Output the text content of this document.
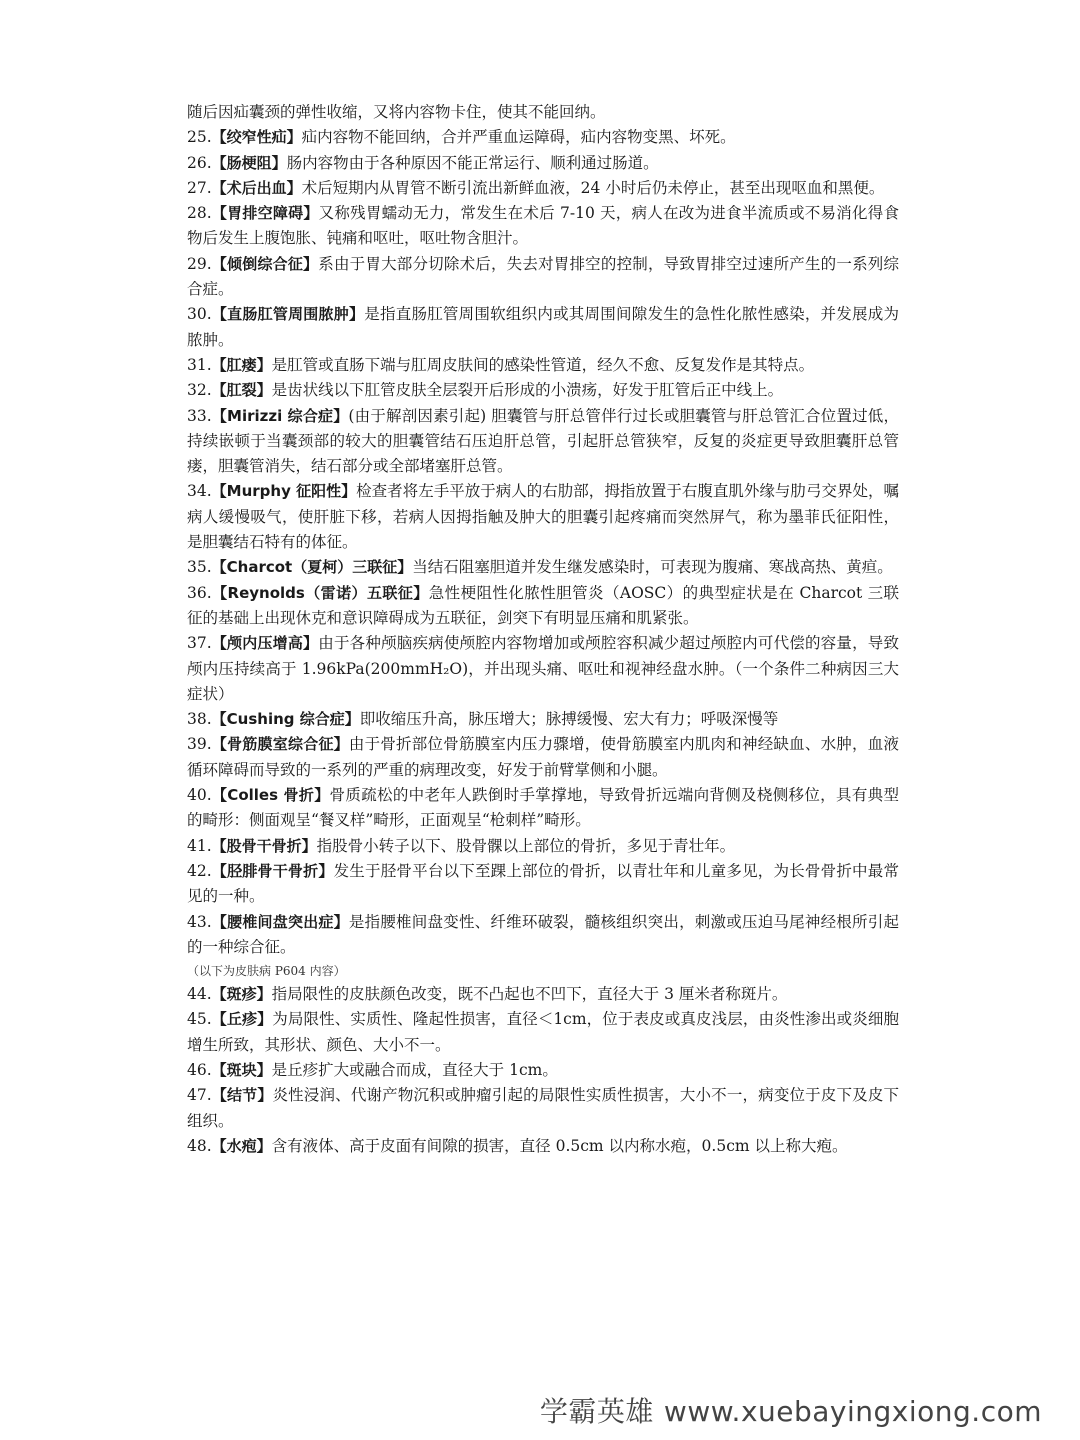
随后因疝囊颈的弹性收缩，又将内容物卡住，使其不能回纳。

25.【绞窄性疝】疝内容物不能回纳，合并严重血运障碍，疝内容物变黑、坏死。

26.【肠梗阻】肠内容物由于各种原因不能正常运行、顺利通过肠道。

27.【术后出血】术后短期内从胃管不断引流出新鲜血液，24 小时后仍未停止，甚至出现呕血和黑便。

28.【胃排空障碍】又称残胃蠕动无力，常发生在术后 7-10 天，病人在改为进食半流质或不易消化得食物后发生上腹饱胀、钝痛和呕吐，呕吐物含胆汁。

29.【倾倒综合征】系由于胃大部分切除术后，失去对胃排空的控制，导致胃排空过速所产生的一系列综合症。

30.【直肠肛管周围脓肿】是指直肠肛管周围软组织内或其周围间隙发生的急性化脓性感染，并发展成为脓肿。

31.【肛瘘】是肛管或直肠下端与肛周皮肤间的感染性管道，经久不愈、反复发作是其特点。

32.【肛裂】是齿状线以下肛管皮肤全层裂开后形成的小溃疡，好发于肛管后正中线上。

33.【Mirizzi 综合症】(由于解剖因素引起) 胆囊管与肝总管伴行过长或胆囊管与肝总管汇合位置过低，持续嵌顿于当囊颈部的较大的胆囊管结石压迫肝总管，引起肝总管狭窄，反复的炎症更导致胆囊肝总管瘘，胆囊管消失，结石部分或全部堵塞肝总管。

34.【Murphy 征阳性】检查者将左手平放于病人的右肋部，拇指放置于右腹直肌外缘与肋弓交界处，嘱病人缓慢吸气，使肝脏下移，若病人因拇指触及肿大的胆囊引起疼痛而突然屏气，称为墨菲氏征阳性，是胆囊结石特有的体征。

35.【Charcot（夏柯）三联征】当结石阻塞胆道并发生继发感染时，可表现为腹痛、寒战高热、黄疸。

36.【Reynolds（雷诺）五联征】急性梗阻性化脓性胆管炎（AOSC）的典型症状是在 Charcot 三联征的基础上出现休克和意识障碍成为五联征，剑突下有明显压痛和肌紧张。

37.【颅内压增高】由于各种颅脑疾病使颅腔内容物增加或颅腔容积减少超过颅腔内可代偿的容量，导致颅内压持续高于 1.96kPa(200mmH₂O)，并出现头痛、呕吐和视神经盘水肿。（一个条件二种病因三大症状）

38.【Cushing 综合症】即收缩压升高，脉压增大；脉搏缓慢、宏大有力；呼吸深慢等

39.【骨筋膜室综合征】由于骨折部位骨筋膜室内压力骤增，使骨筋膜室内肌肉和神经缺血、水肿，血液循环障碍而导致的一系列的严重的病理改变，好发于前臂掌侧和小腿。

40.【Colles 骨折】骨质疏松的中老年人跌倒时手掌撑地，导致骨折远端向背侧及桡侧移位，具有典型的畸形：侧面观呈“餐叉样”畸形，正面观呈“枪刺样”畸形。

41.【股骨干骨折】指股骨小转子以下、股骨髁以上部位的骨折，多见于青壮年。

42.【胫腓骨干骨折】发生于胫骨平台以下至踝上部位的骨折，以青壮年和儿童多见，为长骨骨折中最常见的一种。

43.【腰椎间盘突出症】是指腰椎间盘变性、纤维环破裂，髓核组织突出，刺激或压迫马尾神经根所引起的一种综合征。

（以下为皮肤病 P604 内容）

44.【斑疹】指局限性的皮肤颜色改变，既不凸起也不凹下，直径大于 3 厘米者称斑片。

45.【丘疹】为局限性、实质性、隆起性损害，直径＜1cm，位于表皮或真皮浅层，由炎性渗出或炎细胞增生所致，其形状、颜色、大小不一。

46.【斑块】是丘疹扩大或融合而成，直径大于 1cm。

47.【结节】炎性浸润、代谢产物沉积或肿瘤引起的局限性实质性损害，大小不一，病变位于皮下及皮下组织。

48.【水疱】含有液体、高于皮面有间隙的损害，直径 0.5cm 以内称水疱，0.5cm 以上称大疱。

学霸英雄 www.xuebayingxiong.com
